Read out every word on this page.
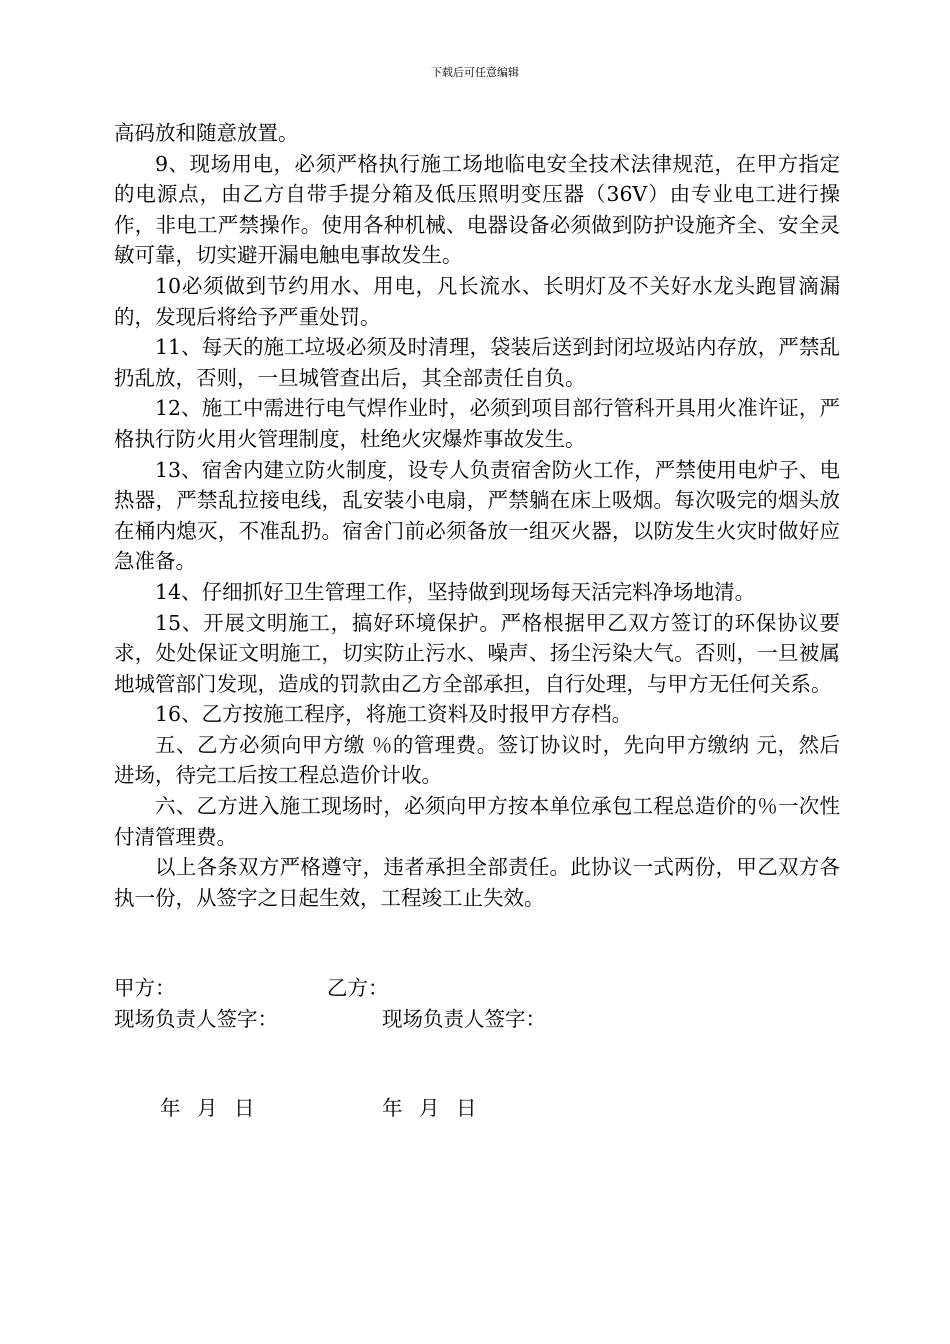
下载后可任意编辑

高码放和随意放置。

9、现场用电，必须严格执行施工场地临电安全技术法律规范，在甲方指定的电源点，由乙方自带手提分箱及低压照明变压器（36V）由专业电工进行操作，非电工严禁操作。使用各种机械、电器设备必须做到防护设施齐全、安全灵敏可靠，切实避开漏电触电事故发生。

10必须做到节约用水、用电，凡长流水、长明灯及不关好水龙头跑冒滴漏的，发现后将给予严重处罚。

11、每天的施工垃圾必须及时清理，袋装后送到封闭垃圾站内存放，严禁乱扔乱放，否则，一旦城管查出后，其全部责任自负。

12、施工中需进行电气焊作业时，必须到项目部行管科开具用火准许证，严格执行防火用火管理制度，杜绝火灾爆炸事故发生。

13、宿舍内建立防火制度，设专人负责宿舍防火工作，严禁使用电炉子、电热器，严禁乱拉接电线，乱安装小电扇，严禁躺在床上吸烟。每次吸完的烟头放在桶内熄灭，不准乱扔。宿舍门前必须备放一组灭火器，以防发生火灾时做好应急准备。

14、仔细抓好卫生管理工作，坚持做到现场每天活完料净场地清。

15、开展文明施工，搞好环境保护。严格根据甲乙双方签订的环保协议要求，处处保证文明施工，切实防止污水、噪声、扬尘污染大气。否则，一旦被属地城管部门发现，造成的罚款由乙方全部承担，自行处理，与甲方无任何关系。

16、乙方按施工程序，将施工资料及时报甲方存档。

五、乙方必须向甲方缴 ％的管理费。签订协议时，先向甲方缴纳 元，然后进场，待完工后按工程总造价计收。

六、乙方进入施工现场时，必须向甲方按本单位承包工程总造价的％一次性付清管理费。

以上各条双方严格遵守，违者承担全部责任。此协议一式两份，甲乙双方各执一份，从签字之日起生效，工程竣工止失效。

甲方：	乙方：
现场负责人签字：	现场负责人签字：
年 月 日	年 月 日
